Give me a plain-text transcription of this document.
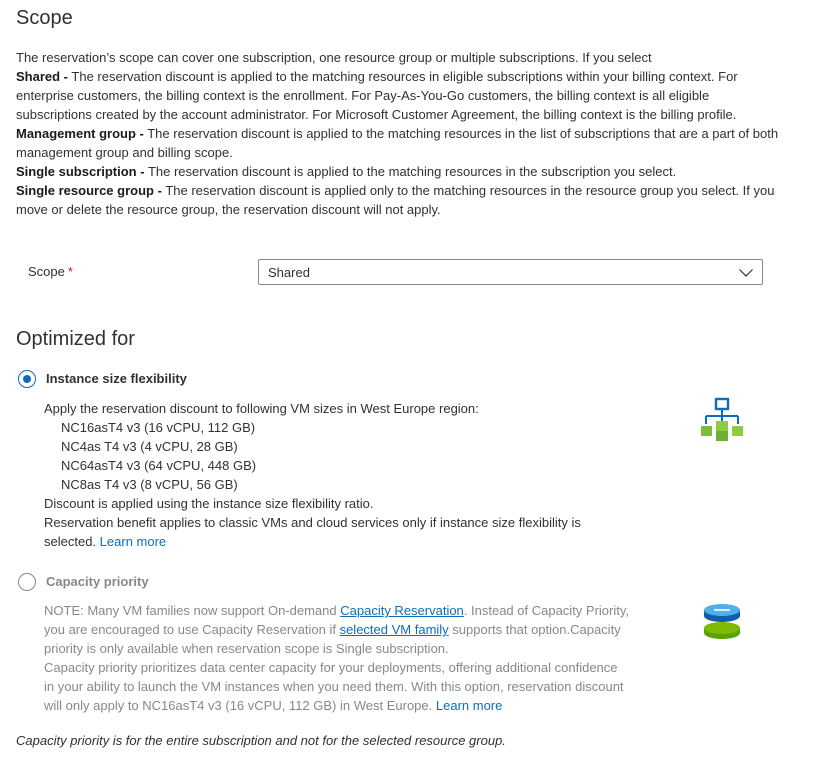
Scope

The reservation’s scope can cover one subscription, one resource group or multiple subscriptions. If you select

Shared - The reservation discount is applied to the matching resources in eligible subscriptions within your billing context. For enterprise customers, the billing context is the enrollment. For Pay-As-You-Go customers, the billing context is all eligible subscriptions created by the account administrator. For Microsoft Customer Agreement, the billing context is the billing profile.

Management group - The reservation discount is applied to the matching resources in the list of subscriptions that are a part of both management group and billing scope.

Single subscription - The reservation discount is applied to the matching resources in the subscription you select.

Single resource group - The reservation discount is applied only to the matching resources in the resource group you select. If you move or delete the resource group, the reservation discount will not apply.

Scope *	Shared
Optimized for
Instance size flexibility
Apply the reservation discount to following VM sizes in West Europe region:
NC16asT4 v3 (16 vCPU, 112 GB)
NC4as T4 v3 (4 vCPU, 28 GB)
NC64asT4 v3 (64 vCPU, 448 GB)
NC8as T4 v3 (8 vCPU, 56 GB)
Discount is applied using the instance size flexibility ratio.
Reservation benefit applies to classic VMs and cloud services only if instance size flexibility is
selected. Learn more
Capacity priority
NOTE: Many VM families now support On-demand Capacity Reservation. Instead of Capacity Priority,
you are encouraged to use Capacity Reservation if selected VM family supports that option.Capacity
priority is only available when reservation scope is Single subscription.
Capacity priority prioritizes data center capacity for your deployments, offering additional confidence
in your ability to launch the VM instances when you need them. With this option, reservation discount
will only apply to NC16asT4 v3 (16 vCPU, 112 GB) in West Europe. Learn more
Capacity priority is for the entire subscription and not for the selected resource group.
